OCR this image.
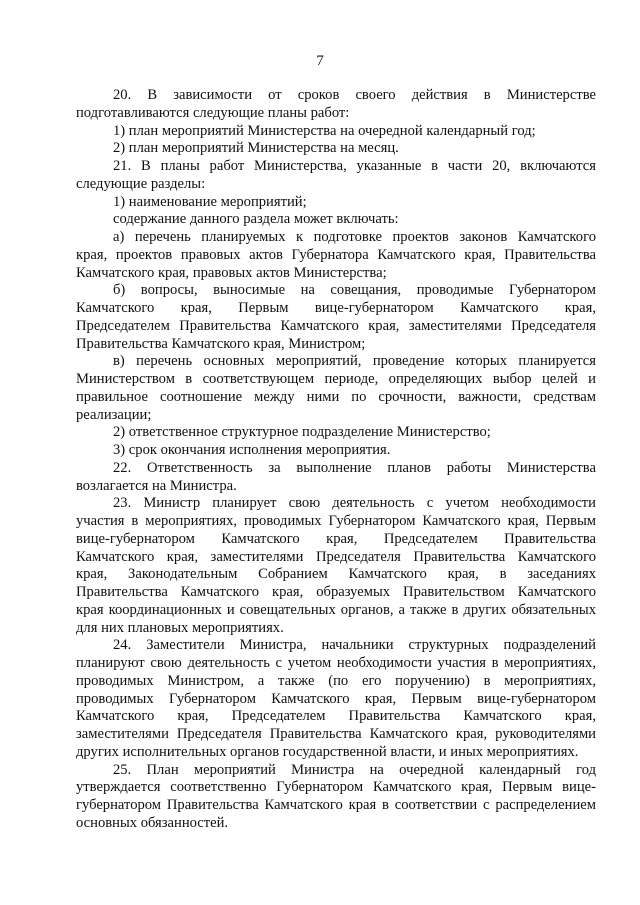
7
20. В зависимости от сроков своего действия в Министерстве
подготавливаются следующие планы работ:
1) план мероприятий Министерства на очередной календарный год;
2) план мероприятий Министерства на месяц.
21. В планы работ Министерства, указанные в части 20, включаются
следующие разделы:
1) наименование мероприятий;
содержание данного раздела может включать:
а) перечень планируемых к подготовке проектов законов Камчатского
края, проектов правовых актов Губернатора Камчатского края, Правительства
Камчатского края, правовых актов Министерства;
б) вопросы, выносимые на совещания, проводимые Губернатором
Камчатского края, Первым вице-губернатором Камчатского края,
Председателем Правительства Камчатского края, заместителями Председателя
Правительства Камчатского края, Министром;
в) перечень основных мероприятий, проведение которых планируется
Министерством в соответствующем периоде, определяющих выбор целей и
правильное соотношение между ними по срочности, важности, средствам
реализации;
2) ответственное структурное подразделение Министерство;
3) срок окончания исполнения мероприятия.
22. Ответственность за выполнение планов работы Министерства
возлагается на Министра.
23. Министр планирует свою деятельность с учетом необходимости
участия в мероприятиях, проводимых Губернатором Камчатского края, Первым
вице-губернатором Камчатского края, Председателем Правительства
Камчатского края, заместителями Председателя Правительства Камчатского
края, Законодательным Собранием Камчатского края, в заседаниях
Правительства Камчатского края, образуемых Правительством Камчатского
края координационных и совещательных органов, а также в других обязательных
для них плановых мероприятиях.
24. Заместители Министра, начальники структурных подразделений
планируют свою деятельность с учетом необходимости участия в мероприятиях,
проводимых Министром, а также (по его поручению) в мероприятиях,
проводимых Губернатором Камчатского края, Первым вице-губернатором
Камчатского края, Председателем Правительства Камчатского края,
заместителями Председателя Правительства Камчатского края, руководителями
других исполнительных органов государственной власти, и иных мероприятиях.
25. План мероприятий Министра на очередной календарный год
утверждается соответственно Губернатором Камчатского края, Первым вице-
губернатором Правительства Камчатского края в соответствии с распределением
основных обязанностей.
